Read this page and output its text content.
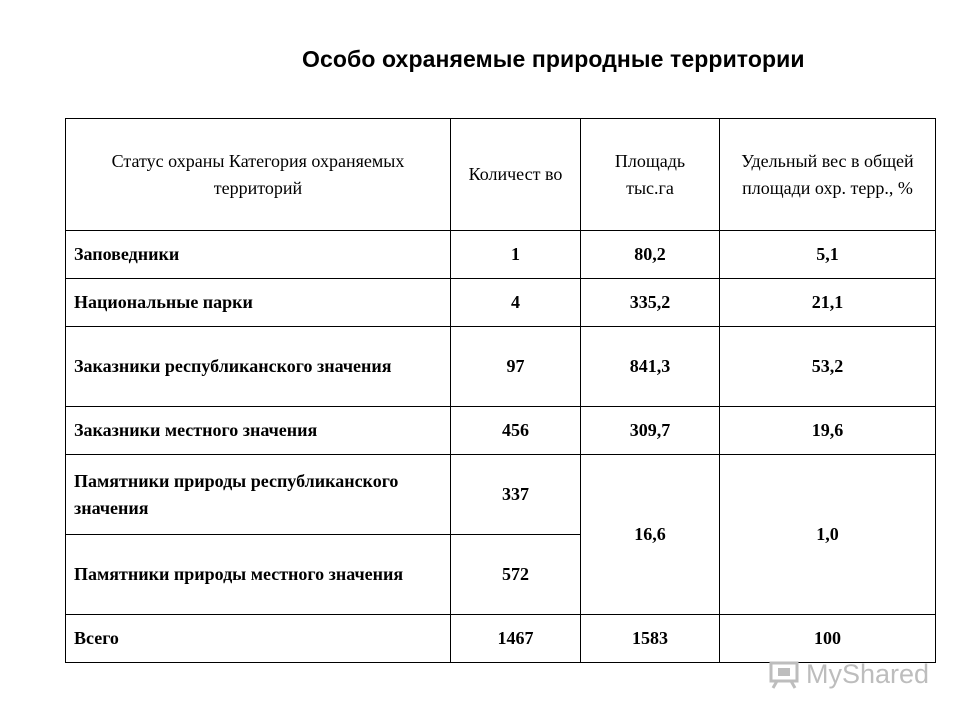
Особо охраняемые природные территории
Статус охраны Категория охраняемых территорий	Количест во	Площадь тыс.га	Удельный вес в общей площади охр. терр., %
Заповедники	1	80,2	5,1
Национальные парки	4	335,2	21,1
Заказники республиканского значения	97	841,3	53,2
Заказники местного значения	456	309,7	19,6
Памятники природы республиканского значения	337	16,6	1,0
Памятники природы местного значения	572		
Всего	1467	1583	100
MyShared
